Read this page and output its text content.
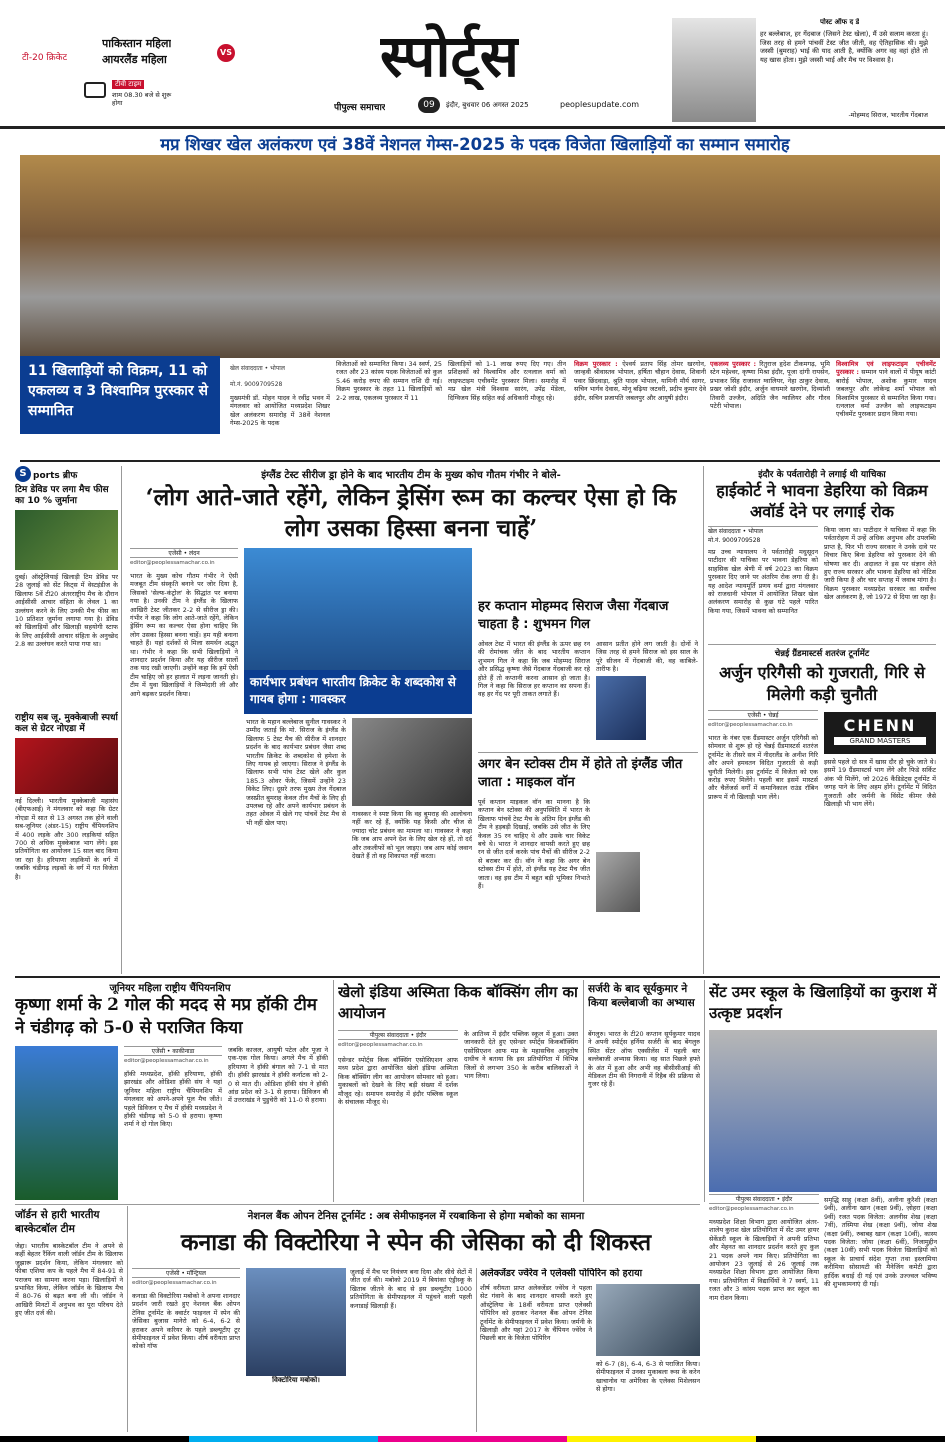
टी-20 क्रिकेट
पाकिस्तान महिला
आयरलैंड महिला
VS
टीवी टाइम
शाम 08.30 बजे से शुरू होगा
स्पोर्ट्स
पीपुल्स समाचार	09	इंदौर, बुधवार 06 अगस्त 2025	peoplesupdate.com
पोस्ट ऑफ द डे
हर बल्लेबाज, हर गेंदबाज (जिसने टेस्ट खेला), मैं उसे सलाम करता हूं। जिस तरह से हमने पांचवीं टेस्ट जीत जीती, वह ऐतिहासिक थी। मुझे जस्सी (बुमराह) भाई की याद आती है, क्योंकि अगर वह वहां होते तो यह खास होता। मुझे जस्सी भाई और मैच पर विश्वास है।
-मोहम्मद सिराज, भारतीय गेंदबाज
मप्र शिखर खेल अलंकरण एवं 38वें नेशनल गेम्स-2025 के पदक विजेता खिलाड़ियों का सम्मान समारोह
11 खिलाड़ियों को विक्रम, 11 को एकलव्य व 3 विश्वामित्र पुरस्कार से सम्मानित
खेल संवाददाता • भोपाल
मो.नं. 9009709528
मुख्यमंत्री डॉ. मोहन यादव ने रवींद्र भवन में मंगलवार को आयोजित मध्यप्रदेश शिखर खेल अलंकरण समारोह में 38वें नेशनल गेम्स-2025 के पदक
विजेताओं को सम्मानित किया। 34 स्वर्ण, 25 रजत और 23 कांस्य पदक विजेताओं को कुल 5.46 करोड़ रुपए की सम्मान राशि दी गई। विक्रम पुरस्कार के तहत 11 खिलाड़ियों को 2-2 लाख, एकलव्य पुरस्कार में 11
खिलाड़ियों को 1-1 लाख रुपए दिए गए। तीन प्रशिक्षकों को विश्वामित्र और रत्नलाल वर्मा को लाइफटाइम एचीवमेंट पुरस्कार मिला। समारोह में मप्र खेल मंत्री विश्वास सारंग, उपेंद्र मेंडेला, दिग्विजय सिंह सहित कई अधिकारी मौजूद रहे।
विक्रम पुरस्कार : ऐश्वर्य प्रताप सिंह तोमर खरगोन, जान्हवी श्रीवास्तव भोपाल, हर्षिता चौहान देवास, शिवानी पवार छिंदवाड़ा, श्रुति यादव भोपाल, यामिनी मौर्य सागर, सचिन भार्गव देवास, मोनू बढ़िया जटवरी, प्रदीप कुमार देवे इंदौर, सचिन प्रजापति जबलपुर और आयुषी इंदौर।
एकलव्य पुरस्कार : रितुराज हृदेश टीकमगढ़, भूमि स्टेन महेश्वर, कृष्णा मिश्रा इंदौर, पूजा दांगी रायसेन, प्रभाकर सिंह राजावत ग्वालियर, नेहा ठाकुर देवास, प्रखर जोशी इंदौर, अर्जुन वाघमारे खरगोन, दिव्यांशी तिवारी उज्जैन, अदिति जैन ग्वालियर और गौरव पटेरी भोपाल।
विश्वामित्र एवं लाइफटाइम एचीवमेंट पुरस्कार : सम्मान पाने वालों में पीयूष कांटी बारोई भोपाल, अशोक कुमार यादव जबलपुर और लोकेन्द्र शर्मा भोपाल को विश्वामित्र पुरस्कार से सम्मानित किया गया। रत्नलाल वर्मा उज्जैन को लाइफटाइम एचीवमेंट पुरस्कार प्रदान किया गया।
S ports ब्रीफ
टिम डेविड पर लगा मैच फीस का 10 % जुर्माना
दुबई। ऑस्ट्रेलियाई खिलाड़ी टिम डेविड पर 28 जुलाई को सेंट किट्स में वेस्टइंडीज के खिलाफ 5वें टी20 अंतरराष्ट्रीय मैच के दौरान आईसीसी आचार संहिता के लेवल 1 का उल्लंघन करने के लिए उनकी मैच फीस का 10 प्रतिशत जुर्माना लगाया गया है। डेविड को खिलाड़ियों और खिलाड़ी सहयोगी स्टाफ के लिए आईसीसी आचार संहिता के अनुच्छेद 2.8 का उल्लंघन करते पाया गया था।
राष्ट्रीय सब जू. मुक्केबाजी स्पर्धा कल से ग्रेटर नोएडा में
नई दिल्ली। भारतीय मुक्केबाजी महासंघ (बीएफआई) ने मंगलवार को कहा कि ग्रेटर नोएडा में सात से 13 अगस्त तक होने वाली सब-जूनियर (अंडर-15) राष्ट्रीय चैंपियनशिप में 400 लड़के और 300 लड़कियां सहित 700 से अधिक मुक्केबाज भाग लेंगे। इस प्रतियोगिता का आयोजन 15 साल बाद किया जा रहा है। हरियाणा लड़कियों के वर्ग में जबकि चंडीगढ़ लड़कों के वर्ग में गत विजेता है।
इंग्लैंड टेस्ट सीरीज ड्रा होने के बाद भारतीय टीम के मुख्य कोच गौतम गंभीर ने बोले-
‘लोग आते-जाते रहेंगे, लेकिन ड्रेसिंग रूम का कल्चर ऐसा हो कि लोग उसका हिस्सा बनना चाहें’
एजेंसी • लंदन
editor@peoplessamachar.co.in
भारत के मुख्य कोच गौतम गंभीर ने ऐसी मजबूत टीम संस्कृति बनाने पर जोर दिया है, जिसको 'सेल्फ-कंट्रोल' के सिद्धांत पर बनाया गया है। उनकी टीम ने इंग्लैंड के खिलाफ आखिरी टेस्ट जीतकर 2-2 से सीरीज ड्रा की। गंभीर ने कहा कि लोग आते-जाते रहेंगे, लेकिन ड्रेसिंग रूम का कल्चर ऐसा होना चाहिए कि लोग उसका हिस्सा बनना चाहें। हम यही बनाना चाहते हैं। यहां दर्शकों से मिला समर्थन अद्भुत था। गंभीर ने कहा कि सभी खिलाड़ियों ने शानदार प्रदर्शन किया और यह सीरीज सालों तक याद रखी जाएगी। उन्होंने कहा कि हमें ऐसी टीम चाहिए जो हर हालात में लड़ना जानती हो। टीम में युवा खिलाड़ियों ने जिम्मेदारी ली और आगे बढ़कर प्रदर्शन किया।
कार्यभार प्रबंधन भारतीय क्रिकेट के शब्दकोश से गायब होगा : गावस्कर
भारत के महान बल्लेबाज सुनील गावस्कर ने उम्मीद जताई कि मो. सिराज के इंग्लैंड के खिलाफ 5 टेस्ट मैच की सीरीज में शानदार प्रदर्शन के बाद कार्यभार प्रबंधन जैसा शब्द भारतीय क्रिकेट के शब्दकोश से हमेशा के लिए गायब हो जाएगा। सिराज ने इंग्लैंड के खिलाफ सभी पांच टेस्ट खेले और कुल 185.3 ओवर फेंके, जिसमें उन्होंने 23 विकेट लिए। दूसरे तरफ मुख्य तेज गेंदबाज जसप्रीत बुमराह केवल तीन मैचों के लिए ही उपलब्ध रहे और अपने कार्यभार प्रबंधन के तहत ओवल में खेले गए पांचवें टेस्ट मैच से भी नहीं खेल पाए।
गावस्कर ने स्पष्ट किया कि वह बुमराह की आलोचना नहीं कर रहे हैं, क्योंकि यह किसी और चीज से ज्यादा चोट प्रबंधन का मामला था। गावस्कर ने कहा कि जब आप अपने देश के लिए खेल रहे हों, तो दर्द और तकलीफों को भूल जाइए। जब आप कोई जवान देखते हैं तो वह शिकायत नहीं करता।
हर कप्तान मोहम्मद सिराज जैसा गेंदबाज चाहता है : शुभमन गिल
ओवल टेस्ट में भारत की इंग्लैंड के ऊपर छह रन की रोमांचक जीत के बाद भारतीय कप्तान शुभमन गिल ने कहा कि जब मोहम्मद सिराज और प्रसिद्ध कृष्णा जैसे गेंदबाज गेंदबाजी कर रहे होते हैं तो कप्तानी करना आसान हो जाता है। गिल ने कहा कि सिराज हर कप्तान का सपना हैं। वह हर गेंद पर पूरी ताकत लगाते हैं।
आसान प्रतीत होने लग जाती है। दोनों ने जिस तरह से हमने सिराज को इस साल के पूरे सीजन में गेंदबाजी की, वह काबिले-तारीफ है।
अगर बेन स्टोक्स टीम में होते तो इंग्लैंड जीत जाता : माइकल वॉन
पूर्व कप्तान माइकल वॉन का मानना है कि कप्तान बेन स्टोक्स की अनुपस्थिति में भारत के खिलाफ पांचवें टेस्ट मैच के अंतिम दिन इंग्लैंड की टीम ने हड़बड़ी दिखाई, जबकि उसे जीत के लिए केवल 35 रन चाहिए थे और उसके चार विकेट बचे थे। भारत ने शानदार वापसी करते हुए छह रन से जीत दर्ज करके पांच मैचों की सीरीज 2-2 से बराबर कर दी। वॉन ने कहा कि अगर बेन स्टोक्स टीम में होते, तो इंग्लैंड यह टेस्ट मैच जीत जाता। वह इस टीम में बहुत बड़ी भूमिका निभाते हैं।
इंदौर के पर्वतारोही ने लगाई थी याचिका
हाईकोर्ट ने भावना डेहरिया को विक्रम अवॉर्ड देने पर लगाई रोक
खेल संवाददाता • भोपाल
मो.नं. 9009709528
मप्र उच्च न्यायालय ने पर्वतारोही मधुसूदन पाटीदार की याचिका पर भावना डेहरिया को साहसिक खेल श्रेणी में वर्ष 2023 का विक्रम पुरस्कार दिए जाने पर अंतरिम रोक लगा दी है। यह आदेश न्यायमूर्ति प्रणय वर्मा द्वारा मंगलवार को राजधानी भोपाल में आयोजित शिखर खेल अलंकरण समारोह से कुछ घंटे पहले पारित किया गया, जिसमें भावना को सम्मानित
किया जाना था। पाटीदार ने याचिका में कहा कि पर्वतारोहण में उन्हें अधिक अनुभव और उपलब्धि प्राप्त है, फिर भी राज्य सरकार ने उनके दावे पर विचार किए बिना डेहरिया को पुरस्कार देने की घोषणा कर दी। अदालत ने इस पर संज्ञान लेते हुए राज्य सरकार और भावना डेहरिया को नोटिस जारी किया है और चार सप्ताह में जवाब मांगा है। विक्रम पुरस्कार मध्यप्रदेश सरकार का सर्वोच्च खेल अलंकरण है, जो 1972 से दिया जा रहा है।
चेन्नई ग्रैंडमास्टर्स शतरंज टूर्नामेंट
अर्जुन एरिगैसी को गुजराती, गिरि से मिलेगी कड़ी चुनौती
एजेंसी • चेन्नई
editor@peoplessamachar.co.in
भारत के नंबर एक ग्रैंडमास्टर अर्जुन एरिगैसी को सोमवार से शुरू हो रहे चेन्नई ग्रैंडमास्टर्स शतरंज टूर्नामेंट के तीसरे सत्र में नीदरलैंड के अनीश गिरि और अपने हमवतन विदित गुजराती से कड़ी चुनौती मिलेगी। इस टूर्नामेंट में विजेता को एक करोड़ रुपए मिलेंगे। पहली बार इसमें मास्टर्स और चैलेंजर्स वर्गों में कमानिकाल राउंड रॉबिन प्रारूप में नौ खिलाड़ी भाग लेंगे।
CHENN
GRAND MASTERS
इससे पहले दो सत्र में खास दौर हो चुके जाते थे। इसमें 19 ग्रैंडमास्टर्स भाग लेंगे और फिडे सर्किट अंक भी मिलेंगे, जो 2026 कैंडिडेट्स टूर्नामेंट में जगह पाने के लिए अहम होंगे। टूर्नामेंट में विदित गुजराती और जर्मनी के विंसेंट कीमर जैसे खिलाड़ी भी भाग लेंगे।
जूनियर महिला राष्ट्रीय चैंपियनशिप
कृष्णा शर्मा के 2 गोल की मदद से मप्र हॉकी टीम ने चंडीगढ़ को 5-0 से पराजित किया
एजेंसी • काकीनाडा
editor@peoplessamachar.co.in
हॉकी मध्यप्रदेश, हॉकी हरियाणा, हॉकी झारखंड और ओडिशा हॉकी संघ ने यहां जूनियर महिला राष्ट्रीय चैंपियनशिप में मंगलवार को अपने-अपने पूल मैच जीते। पहले डिविजन ए मैच में हॉकी मध्यप्रदेश ने हॉकी चंडीगढ़ को 5-0 से हराया। कृष्णा शर्मा ने दो गोल किए।
जबकि काजल, आयुषी पटेल और पूजा ने एक-एक गोल किया। अगले मैच में हॉकी हरियाणा ने हॉकी बंगाल को 7-1 से मात दी। हॉकी झारखंड ने हॉकी कर्नाटक को 2-0 से मात दी। ओडिशा हॉकी संघ ने हॉकी आंध्र प्रदेश को 3-1 से हराया। डिविजन बी में उत्तराखंड ने पुडुचेरी को 11-0 से हराया।
खेलो इंडिया अस्मिता किक बॉक्सिंग लीग का आयोजन
पीपुल्स संवाददाता • इंदौर
editor@peoplessamachar.co.in
एसेन्डर स्पोर्ट्स किक बॉक्सिंग एसोसिएशन आफ मध्य प्रदेश द्वारा आयोजित खेलो इंडिया अस्मिता किक बॉक्सिंग लीग का आयोजन सोमवार को हुआ। मुकाबलों को देखने के लिए बड़ी संख्या में दर्शक मौजूद रहे। समापन समारोह में इंदौर पब्लिक स्कूल के संचालक मौजूद थे।
के आतिथ्य में इंदौर पब्लिक स्कूल में हुआ। उक्त जानकारी देते हुए एसेन्डर स्पोर्ट्स किकबॉक्सिंग एसोसिएशन आफ मप्र के महासचिव आशुतोष दाधीच ने बताया कि इस प्रतियोगिता में विभिन्न जिलों से लगभग 350 के करीब बालिकाओं ने भाग लिया।
सर्जरी के बाद सूर्यकुमार ने किया बल्लेबाजी का अभ्यास
बेंगलुरु। भारत के टी20 कप्तान सूर्यकुमार यादव ने अपनी स्पोर्ट्स हर्निया सर्जरी के बाद बेंगलुरु स्थित सेंटर ऑफ एक्सीलेंस में पहली बार बल्लेबाजी अभ्यास किया। वह सात पिछले हफ्ते के अंत में हुआ और अभी वह बीसीसीआई की मेडिकल टीम की निगरानी में रिहैब की प्रक्रिया से गुजर रहे हैं।
सेंट उमर स्कूल के खिलाड़ियों का कुराश में उत्कृष्ट प्रदर्शन
पीपुल्स संवाददाता • इंदौर
editor@peoplessamachar.co.in
मध्यप्रदेश शिक्षा विभाग द्वारा आयोजित अंतर-शालेय कुराश खेल प्रतियोगिता में सेंट उमर हायर सेकेंडरी स्कूल के खिलाड़ियों ने अपनी प्रतिभा और मेहनत का शानदार प्रदर्शन करते हुए कुल 21 पदक अपने नाम किए। प्रतियोगिता का आयोजन 23 जुलाई से 26 जुलाई तक मध्यप्रदेश शिक्षा विभाग द्वारा आयोजित किया गया। प्रतियोगिता में विद्यार्थियों ने 7 स्वर्ण, 11 रजत और 3 कांस्य पदक प्राप्त कर स्कूल का नाम रोशन किया।
समृद्धि साहू (कक्षा 8वीं), अलीना कुरैशी (कक्षा 9वीं), अलीना खान (कक्षा 9वीं), ज़ोहरा (कक्षा 9वीं) रजत पदक विजेता: अलनीस शेख (कक्षा 7वीं), तस्मिया शेख (कक्षा 9वीं), जोया शेख (कक्षा 9वीं), रुबाबह खान (कक्षा 10वीं), कास्य पदक विजेता: जोया (कक्षा 6वीं), निजामुद्दीन (कक्षा 10वीं) सभी पदक विजेता खिलाड़ियों को स्कूल के प्राचार्य संदेश गुप्ता तथा इस्लामिया करीमिया सोसायटी की मैनेजिंग कमेटी द्वारा हार्दिक बधाई दी गई एवं उनके उज्ज्वल भविष्य की शुभकामनाएं दी गई।
जॉर्डन से हारी भारतीय बास्केटबॉल टीम
जेद्दा। भारतीय बास्केटबॉल टीम ने अपने से कहीं बेहतर रैंकिंग वाली जॉर्डन टीम के खिलाफ जुझारू प्रदर्शन किया, लेकिन मंगलवार को फीबा एशिया कप के पहले मैच में 84-91 से पराजय का सामना करना पड़ा। खिलाड़ियों ने प्रभावित किया, लेकिन जॉर्डन के खिलाफ मैच में 80-76 से बढ़त बना ली थी। जॉर्डन ने आखिरी मिनटों में अनुभव का पूरा परिचय देते हुए जीत दर्ज की।
नेशनल बैंक ओपन टेनिस टूर्नामेंट : अब सेमीफाइनल में रयबाकिना से होगा मबोको का सामना
कनाडा की विक्टोरिया ने स्पेन की जेसिका को दी शिकस्त
एजेंसी • मॉन्ट्रियल
editor@peoplessamachar.co.in
कनाडा की विक्टोरिया मबोको ने अपना शानदार प्रदर्शन जारी रखते हुए नेशनल बैंक ओपन टेनिस टूर्नामेंट के क्वार्टर फाइनल में स्पेन की जेसिका बुजास मानेरो को 6-4, 6-2 से हराकर अपने करियर के पहले डब्ल्यूटीए टूर सेमीफाइनल में प्रवेश किया। शीर्ष वरीयता प्राप्त कोको गॉफ
विक्टोरिया मबोको।
जुलाई में मैच पर नियंत्रण बना दिया और सीधे सेटों में जीत दर्ज की। मबोको 2019 में बियांका एंड्रीस्कू के खिताब जीतने के बाद से इस डब्ल्यूटीए 1000 प्रतियोगिता के सेमीफाइनल में पहुंचने वाली पहली कनाडाई खिलाड़ी हैं।
अलेक्जेंडर ज्वेरेव ने एलेक्सी पोपिरिन को हराया
शीर्ष वरीयता प्राप्त अलेक्जेंडर ज्वेरेव ने पहला सेट गंवाने के बाद शानदार वापसी करते हुए ऑस्ट्रेलिया के 18वीं वरीयता प्राप्त एलेक्सी पोपिरिन को हराकर नेशनल बैंक ओपन टेनिस टूर्नामेंट के सेमीफाइनल में प्रवेश किया। जर्मनी के खिलाड़ी और यहां 2017 के चैंपियन ज्वेरेव ने पिछली बार के विजेता पोपिरिन
को 6-7 (8), 6-4, 6-3 से पराजित किया। सेमीफाइनल में उनका मुकाबला रूस के करेन खाचानोव या अमेरिका के एलेक्स मिशेलसन से होगा।
